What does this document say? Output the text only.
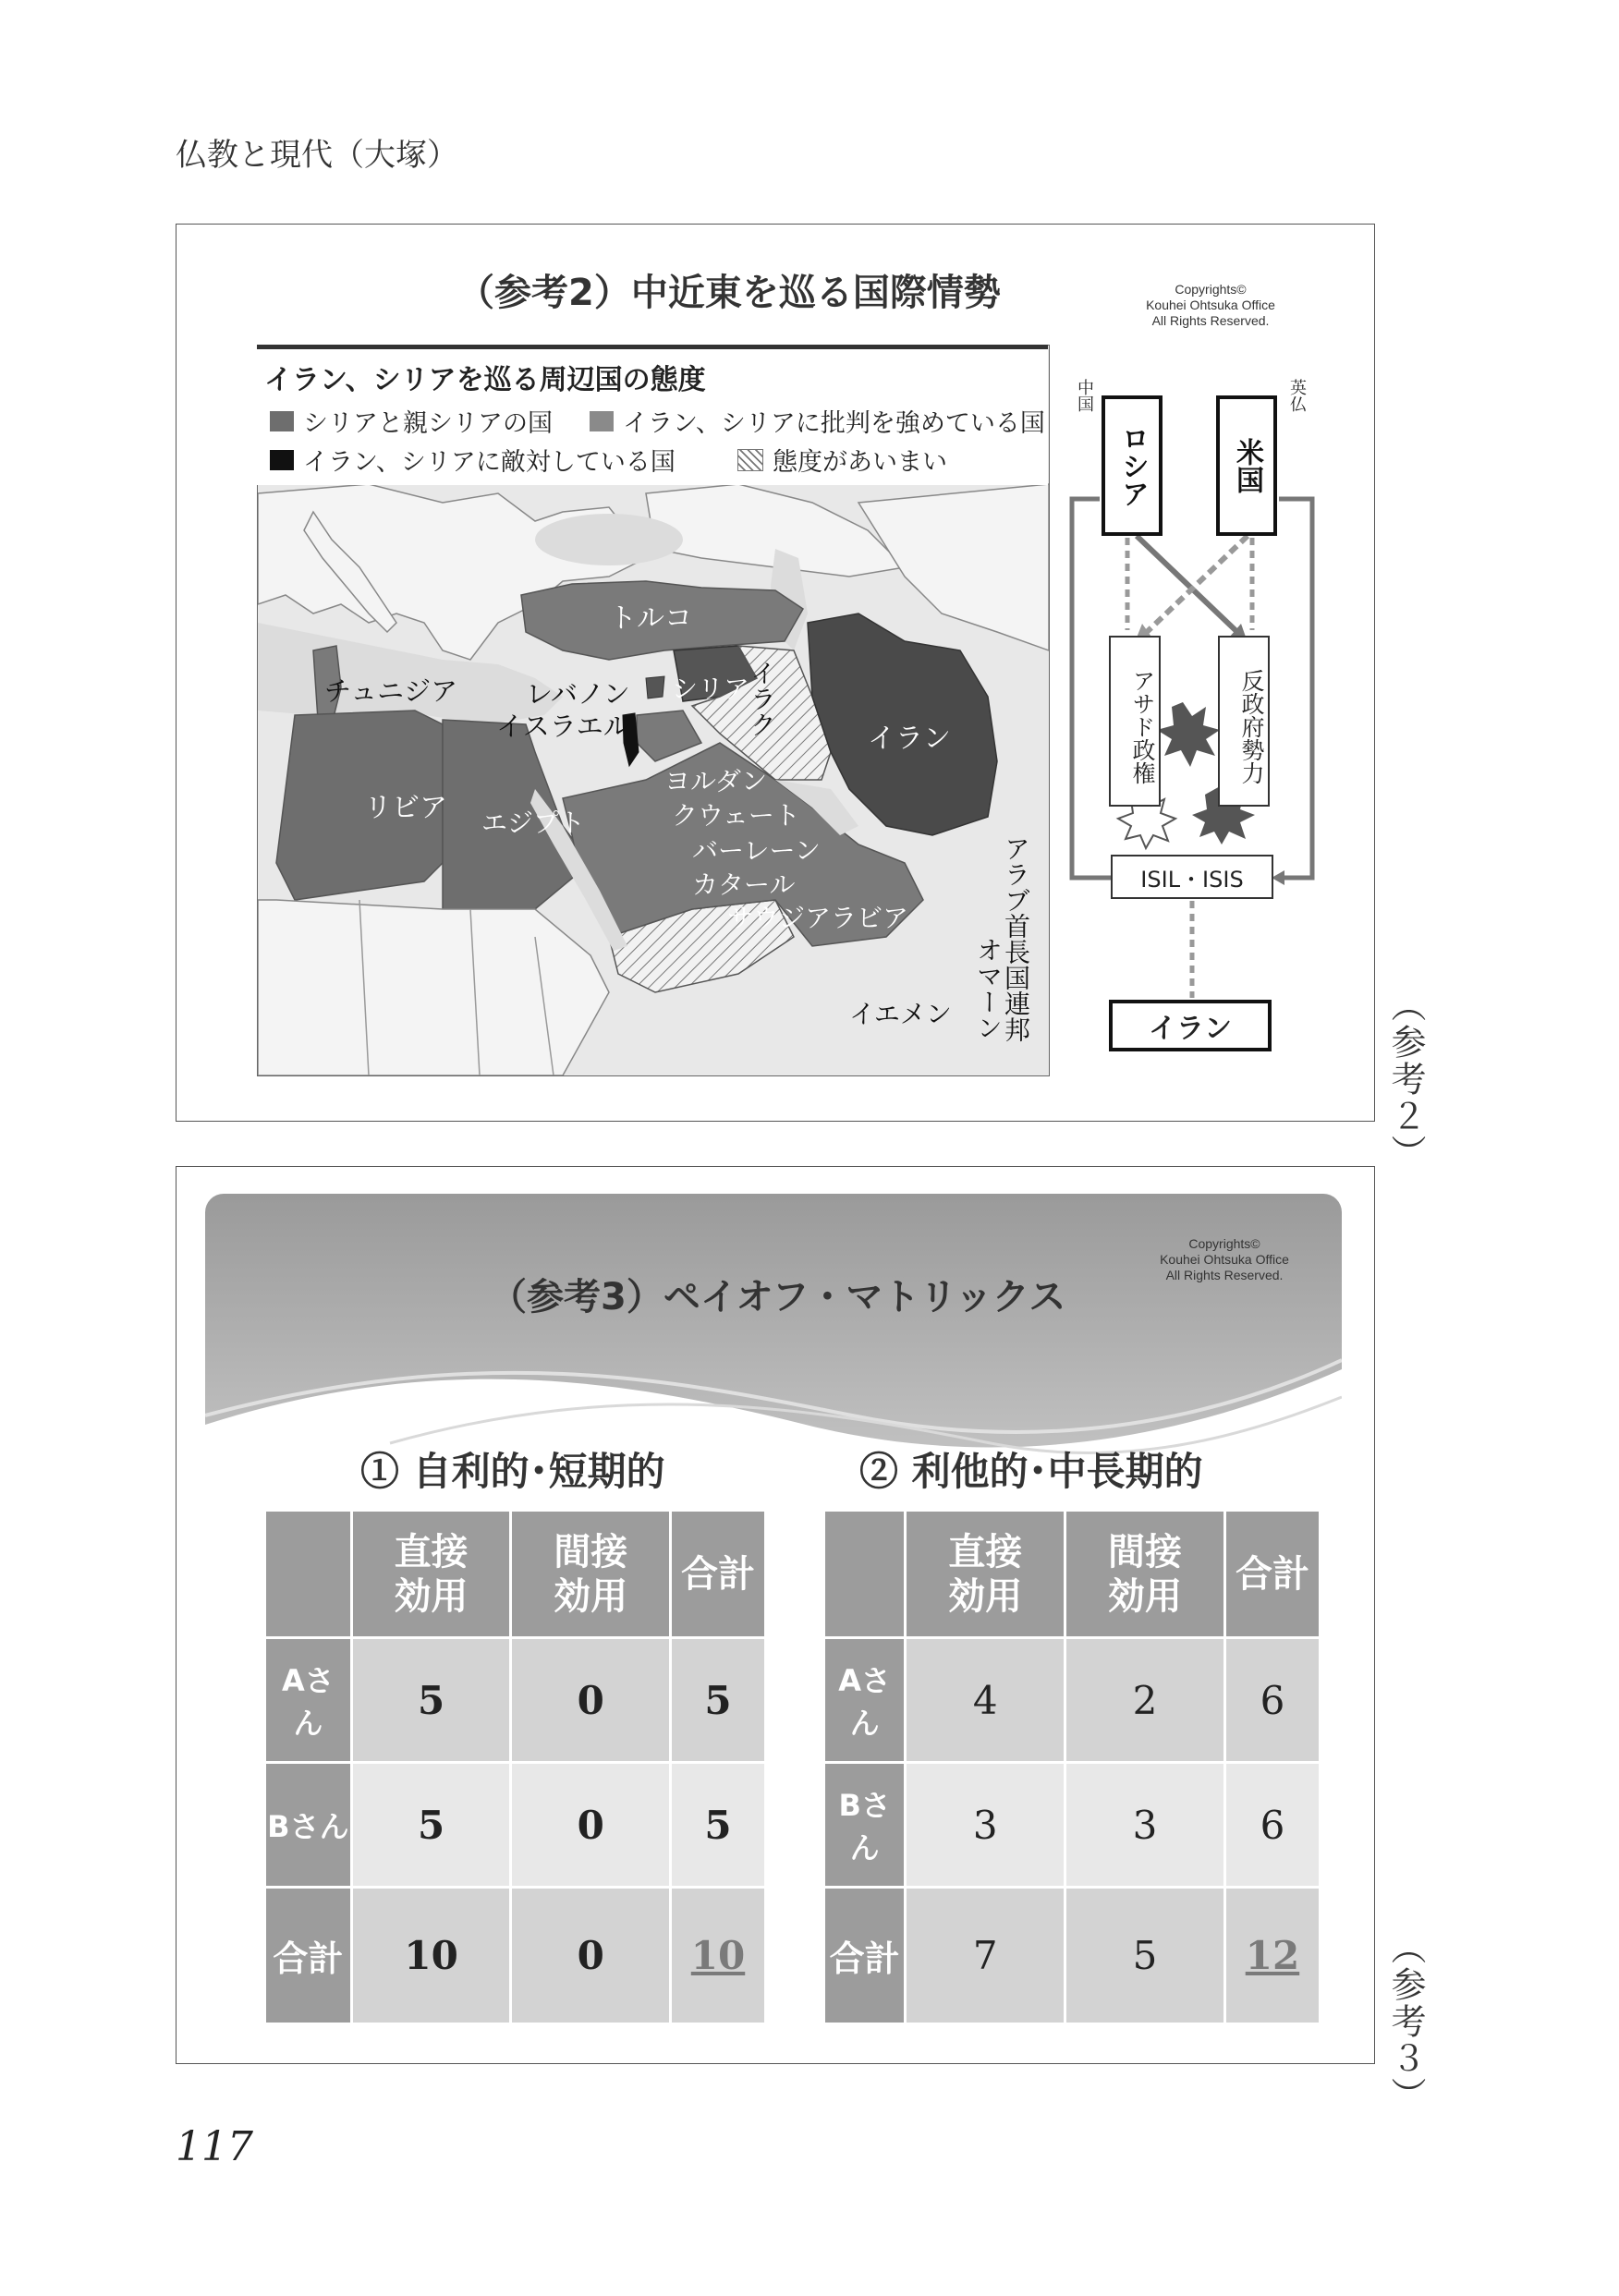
仏教と現代（大塚）
（参考2）中近東を巡る国際情勢	Copyrights©
Kouhei Ohtsuka Office
All Rights Reserved.
トルコ
シリア
イラク
イラン
チュニジア	レバノン
イスラエル
リビア エジプト
ヨルダン
クウェート
バーレーン
カタール
サウジアラビア	アラブ首長国連邦
オマーン
イエメン
イラン、シリアを巡る周辺国の態度
シリアと親シリアの国	イラン、シリアに批判を強めている国
イラン、シリアに敵対している国	態度があいまい
中国	英仏
ロシア	米国
アサド政権	反政府勢力
ISIL・ISIS
イラン	（参考２）
（参考3）ペイオフ・マトリックス
Copyrights©
Kouhei Ohtsuka Office
All Rights Reserved.
① 自利的･短期的	② 利他的･中長期的
	直接効用	間接効用	合計
Aさん	5	0	5
Bさん	5	0	5
合計	10	0	10
	直接効用	間接効用	合計
Aさん	4	2	6
Bさん	3	3	6
合計	7	5	12 （参考３）
117
